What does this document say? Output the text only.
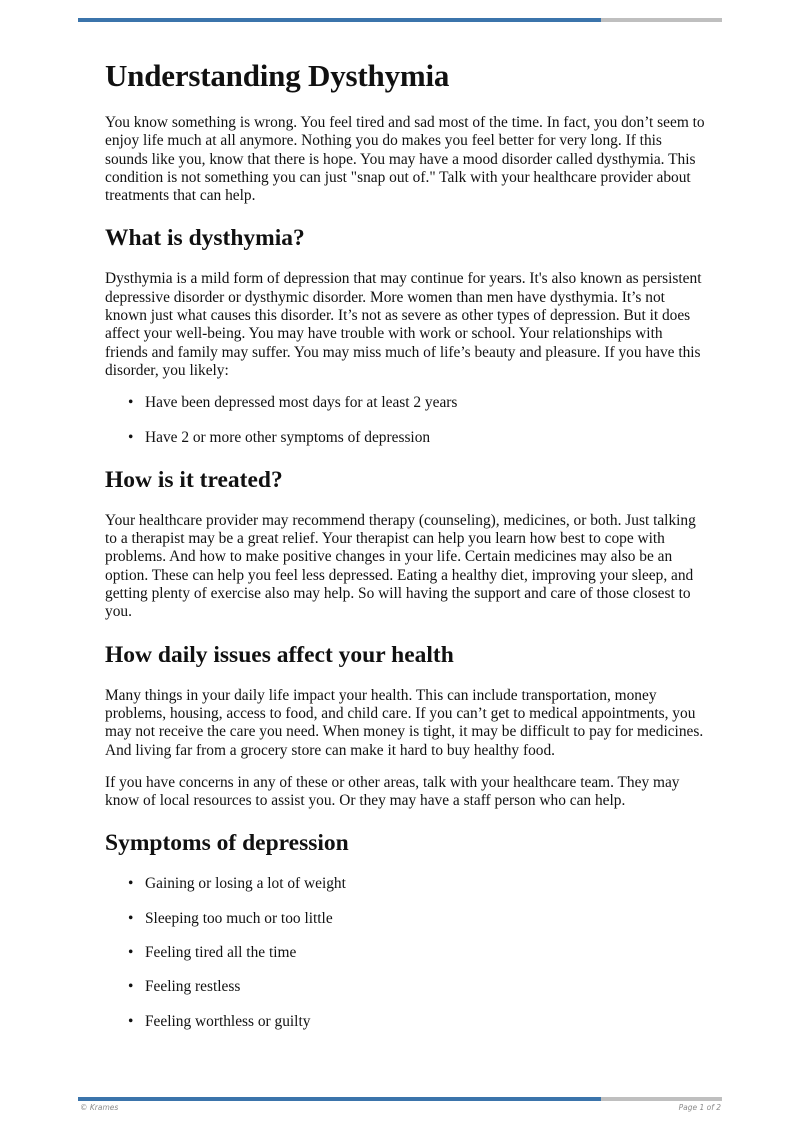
Understanding Dysthymia

You know something is wrong. You feel tired and sad most of the time. In fact, you don’t seem to enjoy life much at all anymore. Nothing you do makes you feel better for very long. If this sounds like you, know that there is hope. You may have a mood disorder called dysthymia. This condition is not something you can just "snap out of." Talk with your healthcare provider about treatments that can help.

What is dysthymia?

Dysthymia is a mild form of depression that may continue for years. It's also known as persistent depressive disorder or dysthymic disorder. More women than men have dysthymia. It’s not known just what causes this disorder. It’s not as severe as other types of depression. But it does affect your well-being. You may have trouble with work or school. Your relationships with friends and family may suffer. You may miss much of life’s beauty and pleasure. If you have this disorder, you likely:

• Have been depressed most days for at least 2 years
• Have 2 or more other symptoms of depression
How is it treated?

Your healthcare provider may recommend therapy (counseling), medicines, or both. Just talking to a therapist may be a great relief. Your therapist can help you learn how best to cope with problems. And how to make positive changes in your life. Certain medicines may also be an option. These can help you feel less depressed. Eating a healthy diet, improving your sleep, and getting plenty of exercise also may help. So will having the support and care of those closest to you.

How daily issues affect your health

Many things in your daily life impact your health. This can include transportation, money problems, housing, access to food, and child care. If you can’t get to medical appointments, you may not receive the care you need. When money is tight, it may be difficult to pay for medicines. And living far from a grocery store can make it hard to buy healthy food.

If you have concerns in any of these or other areas, talk with your healthcare team. They may know of local resources to assist you. Or they may have a staff person who can help.

Symptoms of depression
• Gaining or losing a lot of weight
• Sleeping too much or too little
• Feeling tired all the time
• Feeling restless
• Feeling worthless or guilty
© Krames	Page 1 of 2
